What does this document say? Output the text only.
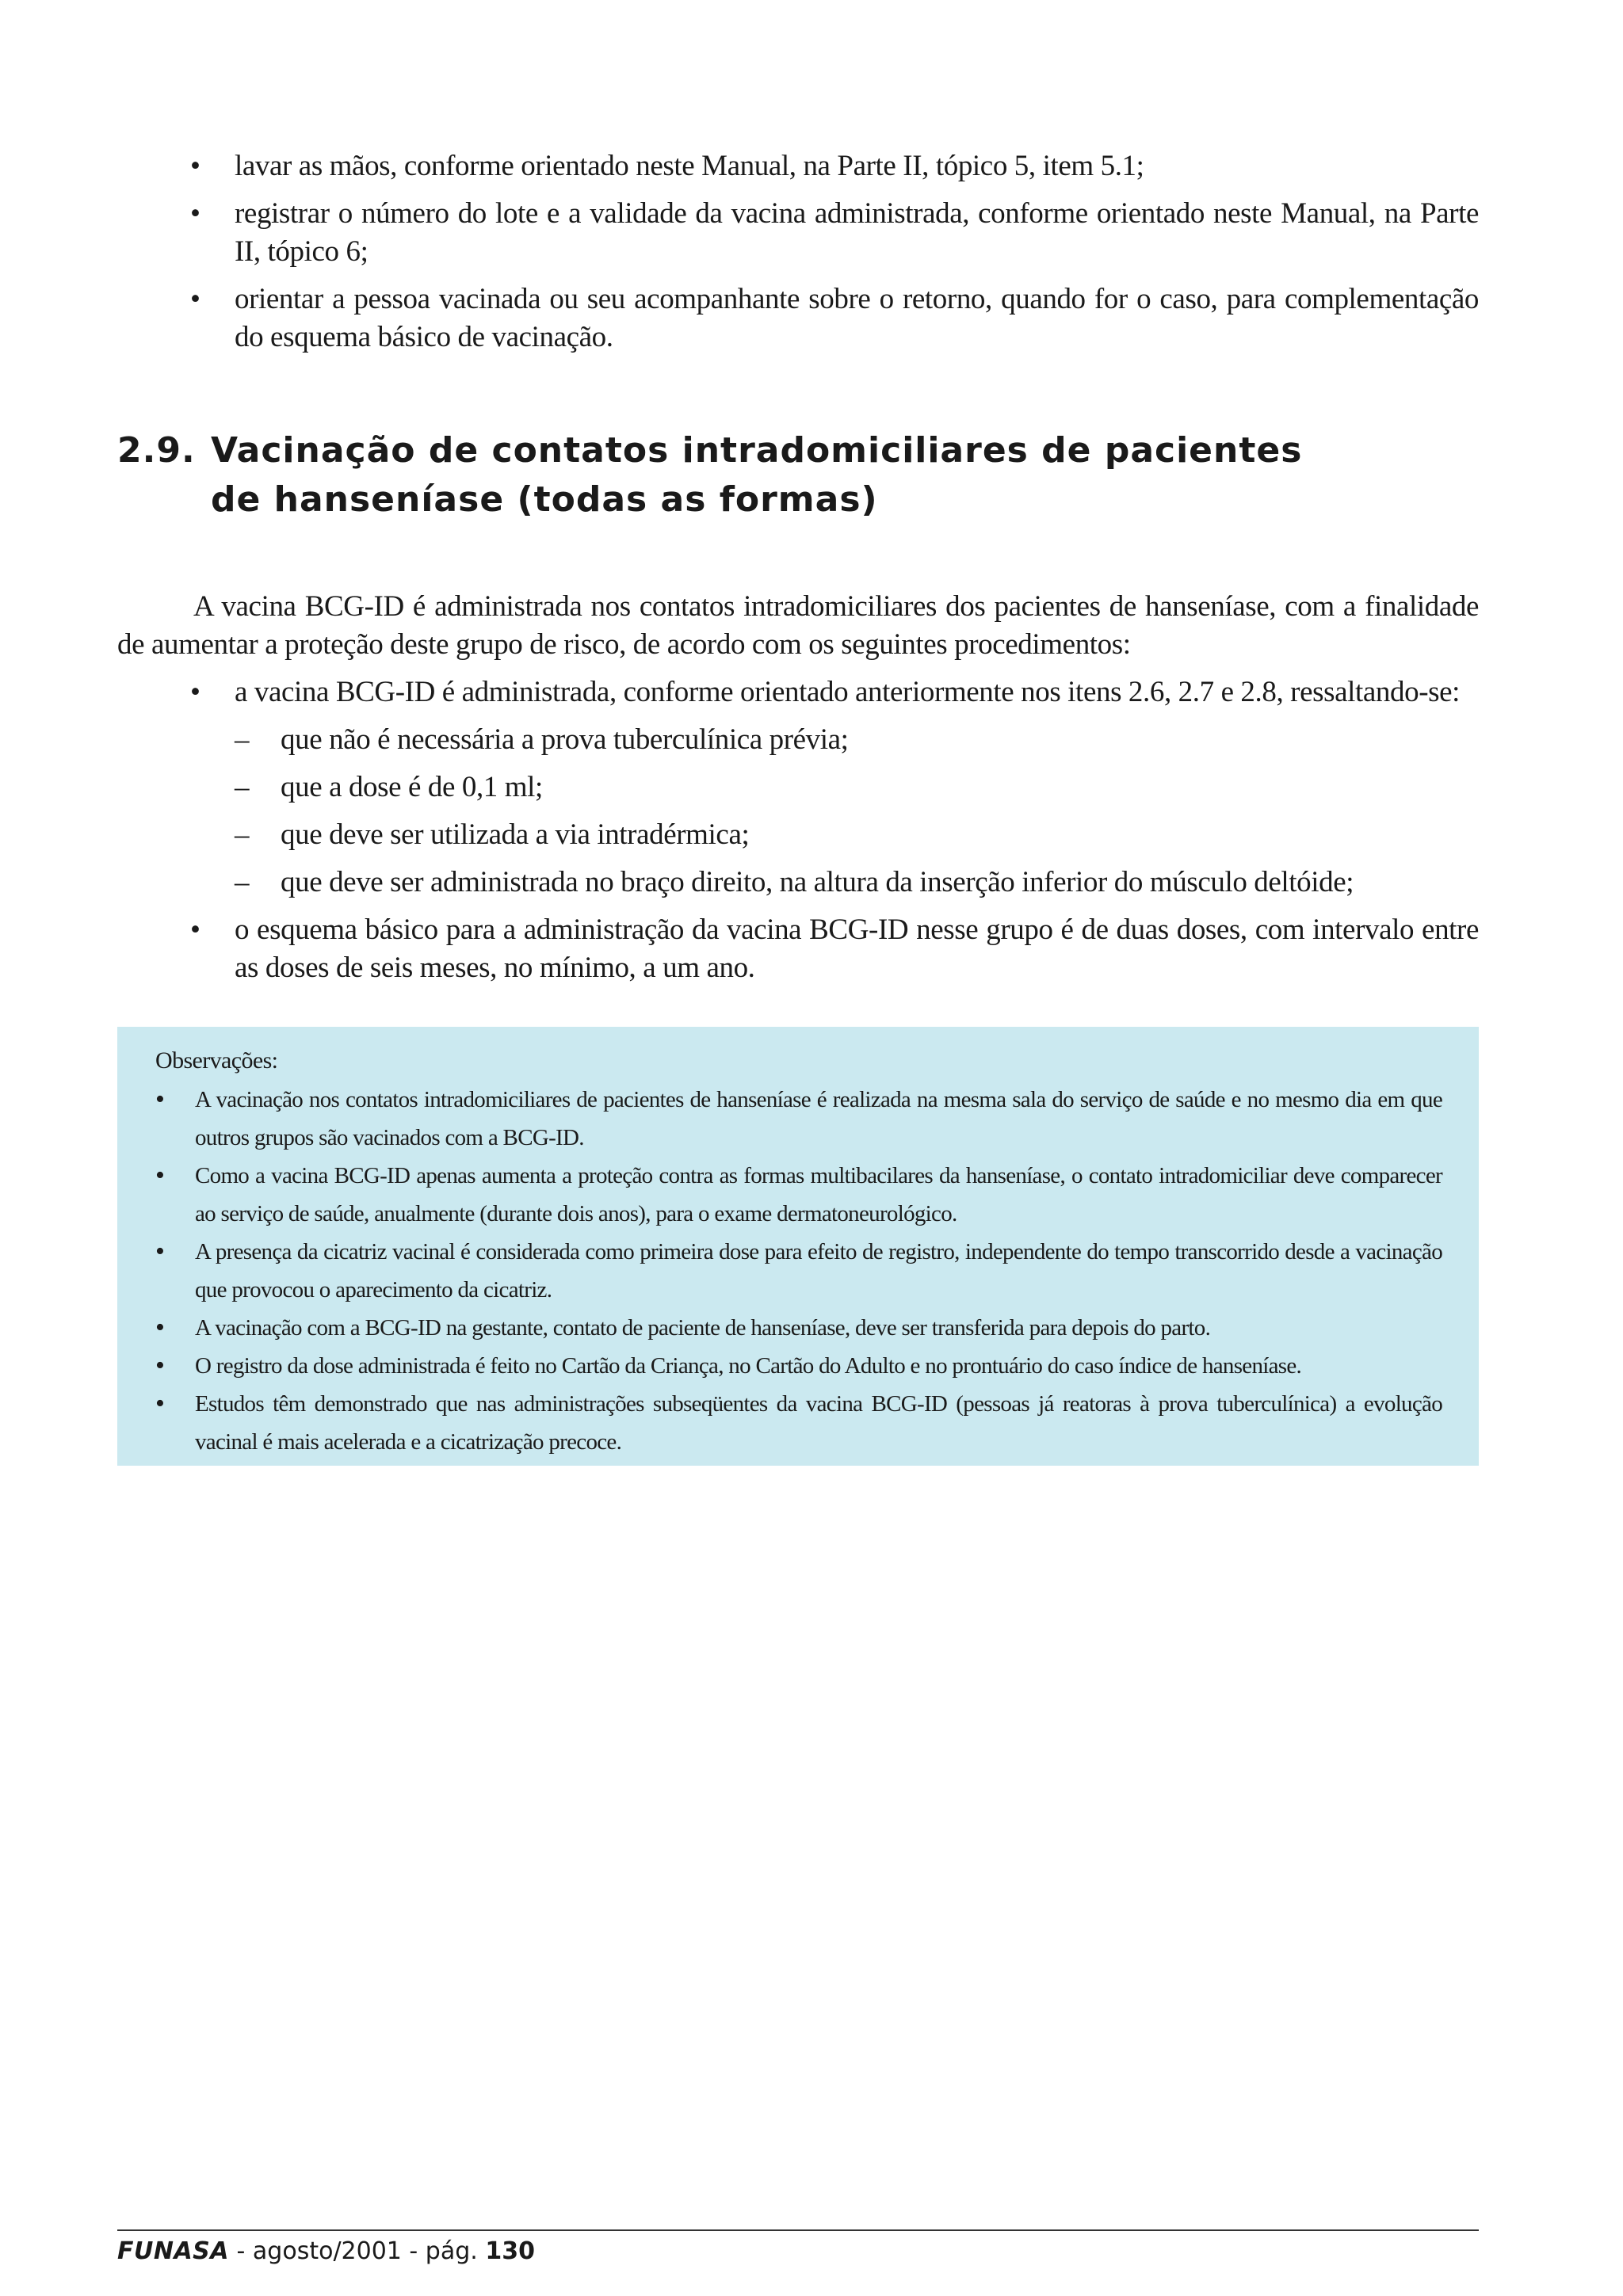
• lavar as mãos, conforme orientado neste Manual, na Parte II, tópico 5, item 5.1;
• registrar o número do lote e a validade da vacina administrada, conforme orientado neste Manual, na Parte II, tópico 6;
• orientar a pessoa vacinada ou seu acompanhante sobre o retorno, quando for o caso, para complementação do esquema básico de vacinação.
2.9. Vacinação de contatos intradomiciliares de pacientes
de hanseníase (todas as formas)

A vacina BCG-ID é administrada nos contatos intradomiciliares dos pacientes de hanseníase, com a finalidade de aumentar a proteção deste grupo de risco, de acordo com os seguintes procedimentos:

• a vacina BCG-ID é administrada, conforme orientado anteriormente nos itens 2.6, 2.7 e 2.8, ressaltando-se:
– que não é necessária a prova tuberculínica prévia;
– que a dose é de 0,1 ml;
– que deve ser utilizada a via intradérmica;
– que deve ser administrada no braço direito, na altura da inserção inferior do músculo deltóide;
• o esquema básico para a administração da vacina BCG-ID nesse grupo é de duas doses, com intervalo entre as doses de seis meses, no mínimo, a um ano.
Observações:
• A vacinação nos contatos intradomiciliares de pacientes de hanseníase é realizada na mesma sala do serviço de saúde e no mesmo dia em que outros grupos são vacinados com a BCG-ID.
• Como a vacina BCG-ID apenas aumenta a proteção contra as formas multibacilares da hanseníase, o contato intradomiciliar deve comparecer ao serviço de saúde, anualmente (durante dois anos), para o exame dermatoneurológico.
• A presença da cicatriz vacinal é considerada como primeira dose para efeito de registro, independente do tempo transcorrido desde a vacinação que provocou o aparecimento da cicatriz.
• A vacinação com a BCG-ID na gestante, contato de paciente de hanseníase, deve ser transferida para depois do parto.
• O registro da dose administrada é feito no Cartão da Criança, no Cartão do Adulto e no prontuário do caso índice de hanseníase.
• Estudos têm demonstrado que nas administrações subseqüentes da vacina BCG-ID (pessoas já reatoras à prova tuberculínica) a evolução vacinal é mais acelerada e a cicatrização precoce.
FUNASA - agosto/2001 - pág. 130
